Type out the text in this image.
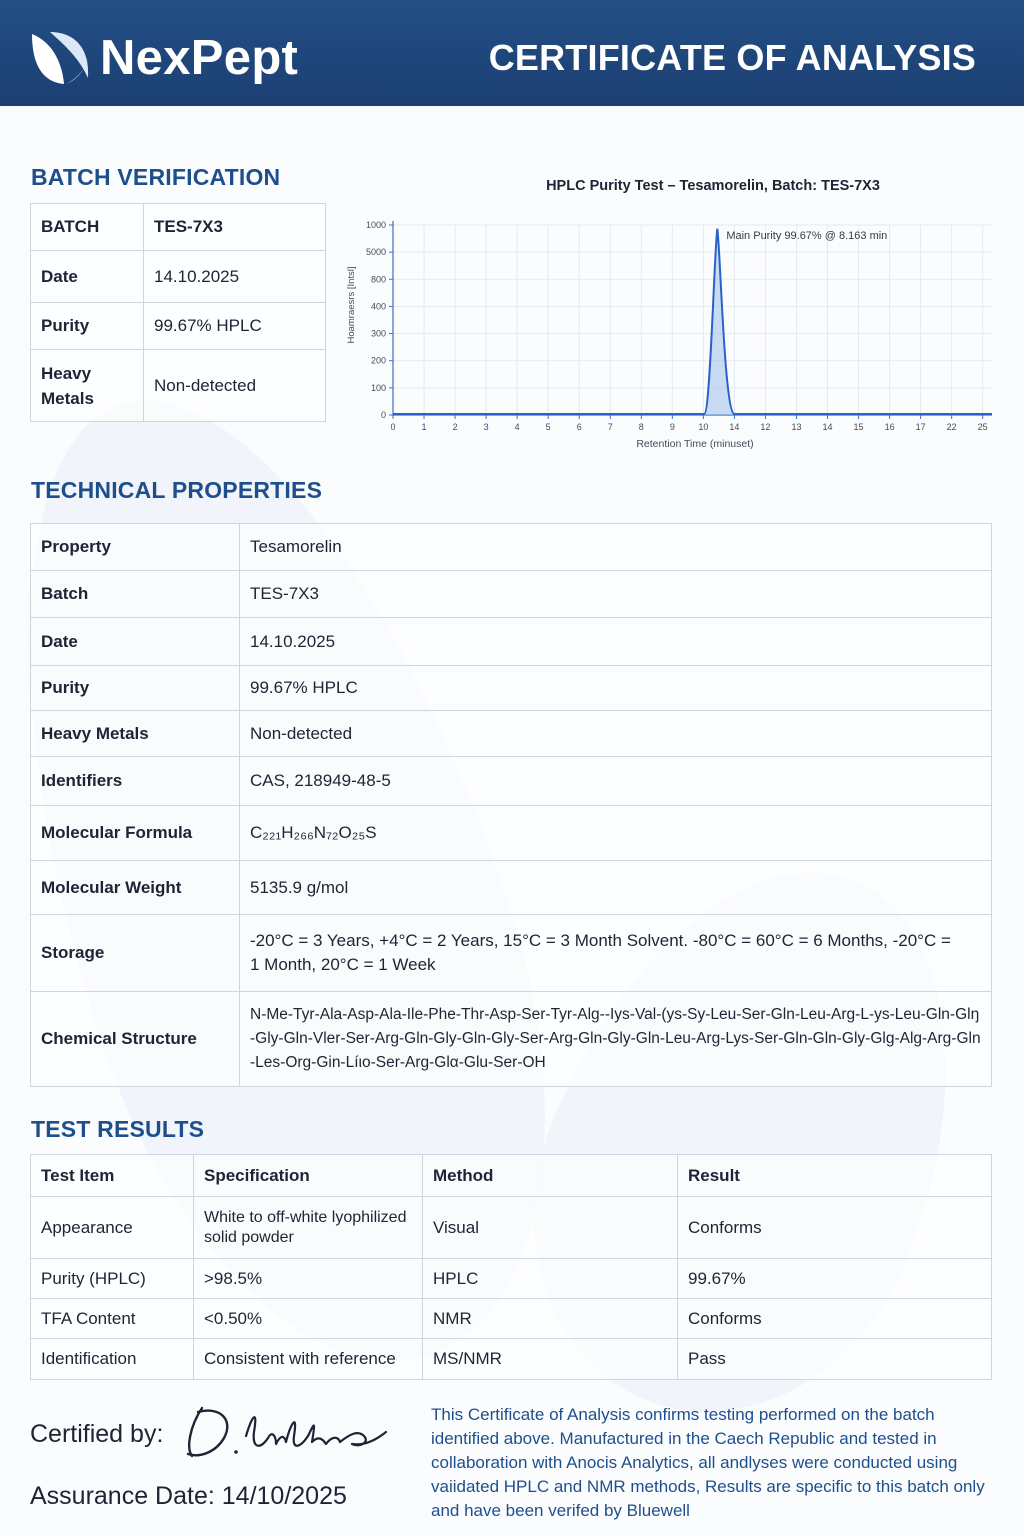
NexPept	CERTIFICATE OF ANALYSIS
BATCH VERIFICATION
BATCH	TES-7X3
Date	14.10.2025
Purity	99.67% HPLC
Heavy Metals	Non-detected
HPLC Purity Test – Tesamorelin, Batch: TES-7X3
0	1	2	3	4	5	6	7	8	9	10 14 12 13 14 15 16 17 22 25
0
100
200
300
400
800
5000
1000
Main Purity 99.67% @ 8.163 min
Retention Time (minuset)
Hoamraesrs [Intsl]
TECHNICAL PROPERTIES
Property	Tesamorelin
Batch	TES-7X3
Date	14.10.2025
Purity	99.67% HPLC
Heavy Metals	Non-detected
Identifiers	CAS, 218949-48-5
Molecular Formula	C₂₂₁H₂₆₆N₇₂O₂₅S
Molecular Weight	5135.9 g/mol
Storage	-20°C = 3 Years, +4°C = 2 Years, 15°C = 3 Month Solvent. -80°C = 60°C = 6 Months, -20°C = 1 Month, 20°C = 1 Week
Chemical Structure	N-Me-Tyr-Ala-Asp-Ala-Ile-Phe-Thr-Asp-Ser-Tyr-Alg--Iys-Val-(ys-Sy-Leu-Ser-Gln-Leu-Arg-L-ys-Leu-Gln-Glŋ-Gly-Gln-Vler-Ser-Arg-Gln-Gly-Gln-Gly-Ser-Arg-Gln-Gly-Gln-Leu-Arg-Lys-Ser-Gln-Gln-Gly-Glg-Alg-Arg-Gln-Les-Org-Gin-Líιo-Ser-Arg-Glα-Glu-Ser-OH
TEST RESULTS
Test Item	Specification	Method	Result
Appearance	White to off-white lyophilized solid powder	Visual	Conforms
Purity (HPLC)	>98.5%	HPLC	99.67%
TFA Content	<0.50%	NMR	Conforms
Identification	Consistent with reference	MS/NMR	Pass
Certified by:
Assurance Date: 14/10/2025
This Certificate of Analysis confirms testing performed on the batch identified above. Manufactured in the Caech Republic and tested in collaboration with Anocis Analytics, all andlyses were conducted using vaiidated HPLC and NMR methods, Results are specific to this batch only and have been verifed by Bluewell
